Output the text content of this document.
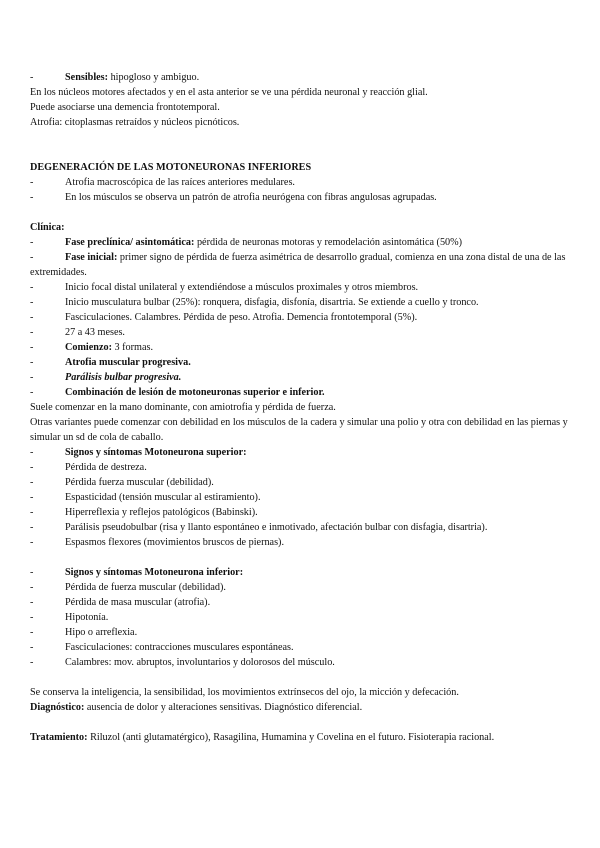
-	Sensibles: hipogloso y ambiguo.
En los núcleos motores afectados y en el asta anterior se ve una pérdida neuronal y reacción glial.
Puede asociarse una demencia frontotemporal.
Atrofia: citoplasmas retraídos y núcleos picnóticos.
DEGENERACIÓN DE LAS MOTONEURONAS INFERIORES
-	Atrofia macroscópica de las raíces anteriores medulares.
-	En los músculos se observa un patrón de atrofia neurógena con fibras angulosas agrupadas.
Clínica:
-	Fase preclínica/ asintomática: pérdida de neuronas motoras y remodelación asintomática (50%)
-	Fase inicial: primer signo de pérdida de fuerza asimétrica de desarrollo gradual, comienza en una zona distal de una de las extremidades.
-	Inicio focal distal unilateral y extendiéndose a músculos proximales y otros miembros.
-	Inicio musculatura bulbar (25%): ronquera, disfagia, disfonía, disartria. Se extiende a cuello y tronco.
-	Fasciculaciones. Calambres. Pérdida de peso. Atrofia. Demencia frontotemporal (5%).
-	27 a 43 meses.
-	Comienzo: 3 formas.
-	Atrofia muscular progresiva.
-	Parálisis bulbar progresiva.
-	Combinación de lesión de motoneuronas superior e inferior.
Suele comenzar en la mano dominante, con amiotrofia y pérdida de fuerza.
Otras variantes puede comenzar con debilidad en los músculos de la cadera y simular una polio y otra con debilidad en las piernas y simular un sd de cola de caballo.
-	Signos y síntomas Motoneurona superior:
-	Pérdida de destreza.
-	Pérdida fuerza muscular (debilidad).
-	Espasticidad (tensión muscular al estiramiento).
-	Hiperreflexia y reflejos patológicos (Babinski).
-	Parálisis pseudobulbar (risa y llanto espontáneo e inmotivado, afectación bulbar con disfagia, disartria).
-	Espasmos flexores (movimientos bruscos de piernas).
-	Signos y síntomas Motoneurona inferior:
-	Pérdida de fuerza muscular (debilidad).
-	Pérdida de masa muscular (atrofia).
-	Hipotonía.
-	Hipo o arreflexia.
-	Fasciculaciones: contracciones musculares espontáneas.
-	Calambres: mov. abruptos, involuntarios y dolorosos del músculo.
Se conserva la inteligencia, la sensibilidad, los movimientos extrínsecos del ojo, la micción y defecación.
Diagnóstico: ausencia de dolor y alteraciones sensitivas. Diagnóstico diferencial.
Tratamiento: Riluzol (anti glutamatérgico), Rasagilina, Humamina y Covelina en el futuro. Fisioterapia racional.
